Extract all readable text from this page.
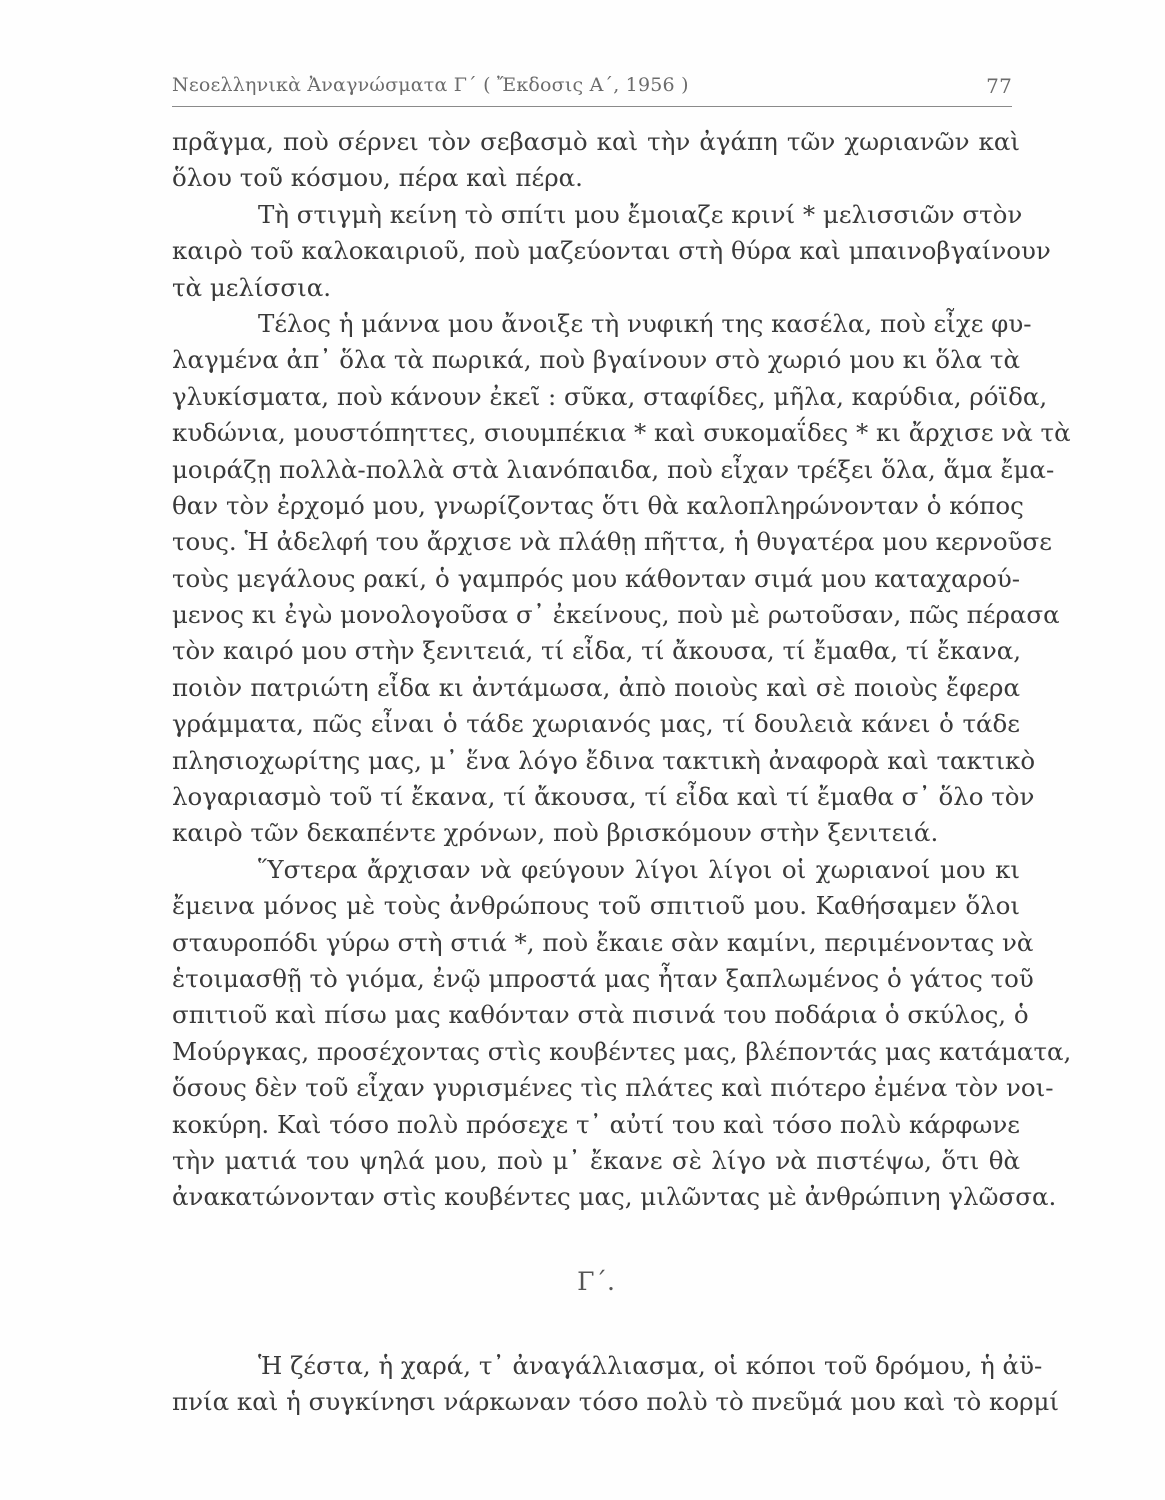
Νεοελληνικὰ Ἀναγνώσματα Γ΄ ( Ἔκδοσις Α΄, 1956 )	77
πρᾶγμα, ποὺ σέρνει τὸν σεβασμὸ καὶ τὴν ἀγάπη τῶν χωριανῶν καὶ
ὅλου τοῦ κόσμου, πέρα καὶ πέρα.
Τὴ στιγμὴ κείνη τὸ σπίτι μου ἔμοιαζε κρινί * μελισσιῶν στὸν
καιρὸ τοῦ καλοκαιριοῦ, ποὺ μαζεύονται στὴ θύρα καὶ μπαινοβγαίνουν
τὰ μελίσσια.
Τέλος ἡ μάννα μου ἄνοιξε τὴ νυφική της κασέλα, ποὺ εἶχε φυ-
λαγμένα ἀπ᾽ ὅλα τὰ πωρικά, ποὺ βγαίνουν στὸ χωριό μου κι ὅλα τὰ
γλυκίσματα, ποὺ κάνουν ἐκεῖ : σῦκα, σταφίδες, μῆλα, καρύδια, ρόϊδα,
κυδώνια, μουστόπηττες, σιουμπέκια * καὶ συκομαΐδες * κι ἄρχισε νὰ τὰ
μοιράζῃ πολλὰ-πολλὰ στὰ λιανόπαιδα, ποὺ εἶχαν τρέξει ὅλα, ἅμα ἔμα-
θαν τὸν ἐρχομό μου, γνωρίζοντας ὅτι θὰ καλοπληρώνονταν ὁ κόπος
τους. Ἡ ἀδελφή του ἄρχισε νὰ πλάθῃ πῆττα, ἡ θυγατέρα μου κερνοῦσε
τοὺς μεγάλους ρακί, ὁ γαμπρός μου κάθονταν σιμά μου καταχαρού-
μενος κι ἐγὼ μονολογοῦσα σ᾽ ἐκείνους, ποὺ μὲ ρωτοῦσαν, πῶς πέρασα
τὸν καιρό μου στὴν ξενιτειά, τί εἶδα, τί ἄκουσα, τί ἔμαθα, τί ἔκανα,
ποιὸν πατριώτη εἶδα κι ἀντάμωσα, ἀπὸ ποιοὺς καὶ σὲ ποιοὺς ἔφερα
γράμματα, πῶς εἶναι ὁ τάδε χωριανός μας, τί δουλειὰ κάνει ὁ τάδε
πλησιοχωρίτης μας, μ᾽ ἕνα λόγο ἔδινα τακτικὴ ἀναφορὰ καὶ τακτικὸ
λογαριασμὸ τοῦ τί ἔκανα, τί ἄκουσα, τί εἶδα καὶ τί ἔμαθα σ᾽ ὅλο τὸν
καιρὸ τῶν δεκαπέντε χρόνων, ποὺ βρισκόμουν στὴν ξενιτειά.
Ὕστερα ἄρχισαν νὰ φεύγουν λίγοι λίγοι οἱ χωριανοί μου κι
ἔμεινα μόνος μὲ τοὺς ἀνθρώπους τοῦ σπιτιοῦ μου. Καθήσαμεν ὅλοι
σταυροπόδι γύρω στὴ στιά *, ποὺ ἔκαιε σὰν καμίνι, περιμένοντας νὰ
ἑτοιμασθῇ τὸ γιόμα, ἐνῷ μπροστά μας ἦταν ξαπλωμένος ὁ γάτος τοῦ
σπιτιοῦ καὶ πίσω μας καθόνταν στὰ πισινά του ποδάρια ὁ σκύλος, ὁ
Μούργκας, προσέχοντας στὶς κουβέντες μας, βλέποντάς μας κατάματα,
ὅσους δὲν τοῦ εἶχαν γυρισμένες τὶς πλάτες καὶ πιότερο ἐμένα τὸν νοι-
κοκύρη. Καὶ τόσο πολὺ πρόσεχε τ᾽ αὐτί του καὶ τόσο πολὺ κάρφωνε
τὴν ματιά του ψηλά μου, ποὺ μ᾽ ἔκανε σὲ λίγο νὰ πιστέψω, ὅτι θὰ
ἀνακατώνονταν στὶς κουβέντες μας, μιλῶντας μὲ ἀνθρώπινη γλῶσσα.
Γ΄.
Ἡ ζέστα, ἡ χαρά, τ᾽ ἀναγάλλιασμα, οἱ κόποι τοῦ δρόμου, ἡ ἀϋ-
πνία καὶ ἡ συγκίνησι νάρκωναν τόσο πολὺ τὸ πνεῦμά μου καὶ τὸ κορμί
